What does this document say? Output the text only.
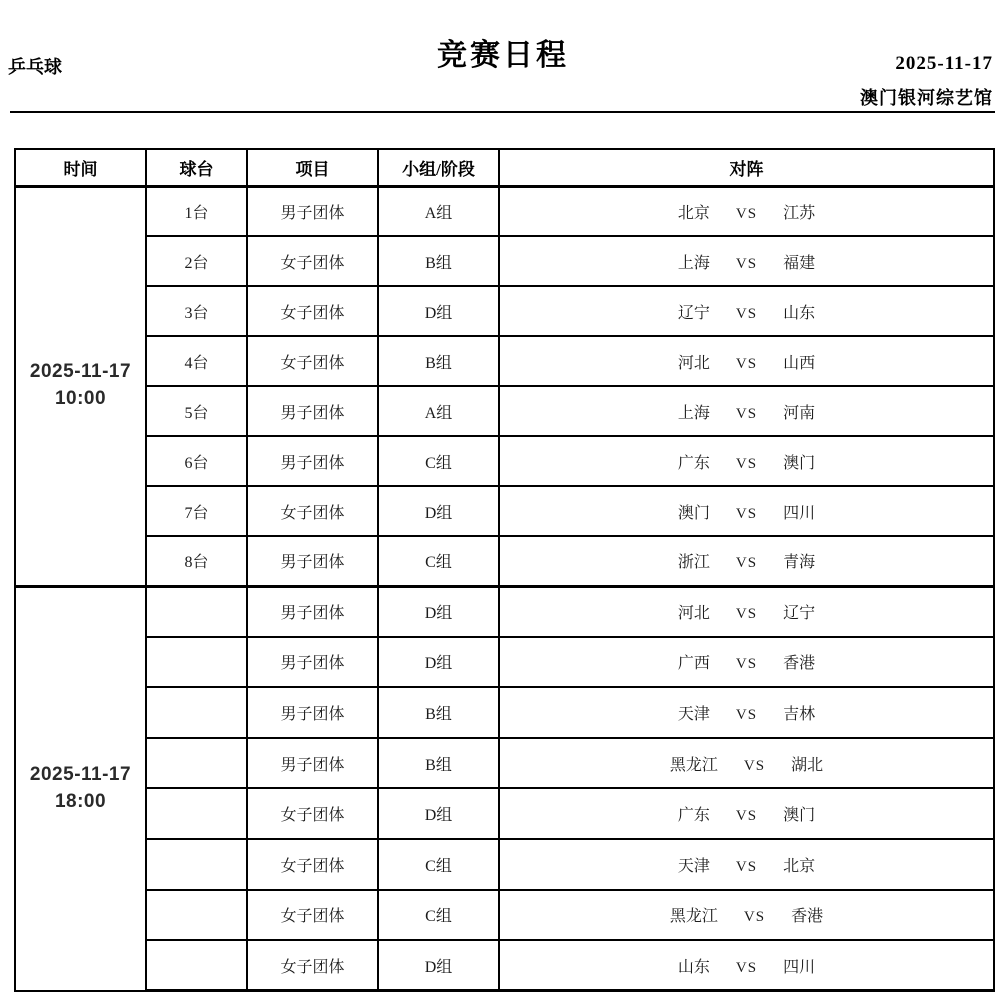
竞赛日程
乒乓球	2025-11-17
澳门银河综艺馆
时间	球台	项目	小组/阶段	对阵

2025-11-17
10:00
	1台	男子团体	A组	北京 VS 江苏

	2台	女子团体	B组	上海 VS 福建

	3台	女子团体	D组	辽宁 VS 山东

	4台	女子团体	B组	河北 VS 山西

	5台	男子团体	A组	上海 VS 河南

	6台	男子团体	C组	广东 VS 澳门

	7台	女子团体	D组	澳门 VS 四川

	8台	男子团体	C组	浙江 VS 青海

2025-11-17
18:00
		男子团体	D组	河北 VS 辽宁

		男子团体	D组	广西 VS 香港

		男子团体	B组	天津 VS 吉林

		男子团体	B组	黑龙江 VS 湖北

		女子团体	D组	广东 VS 澳门

		女子团体	C组	天津 VS 北京

		女子团体	C组	黑龙江 VS 香港

		女子团体	D组	山东 VS 四川
